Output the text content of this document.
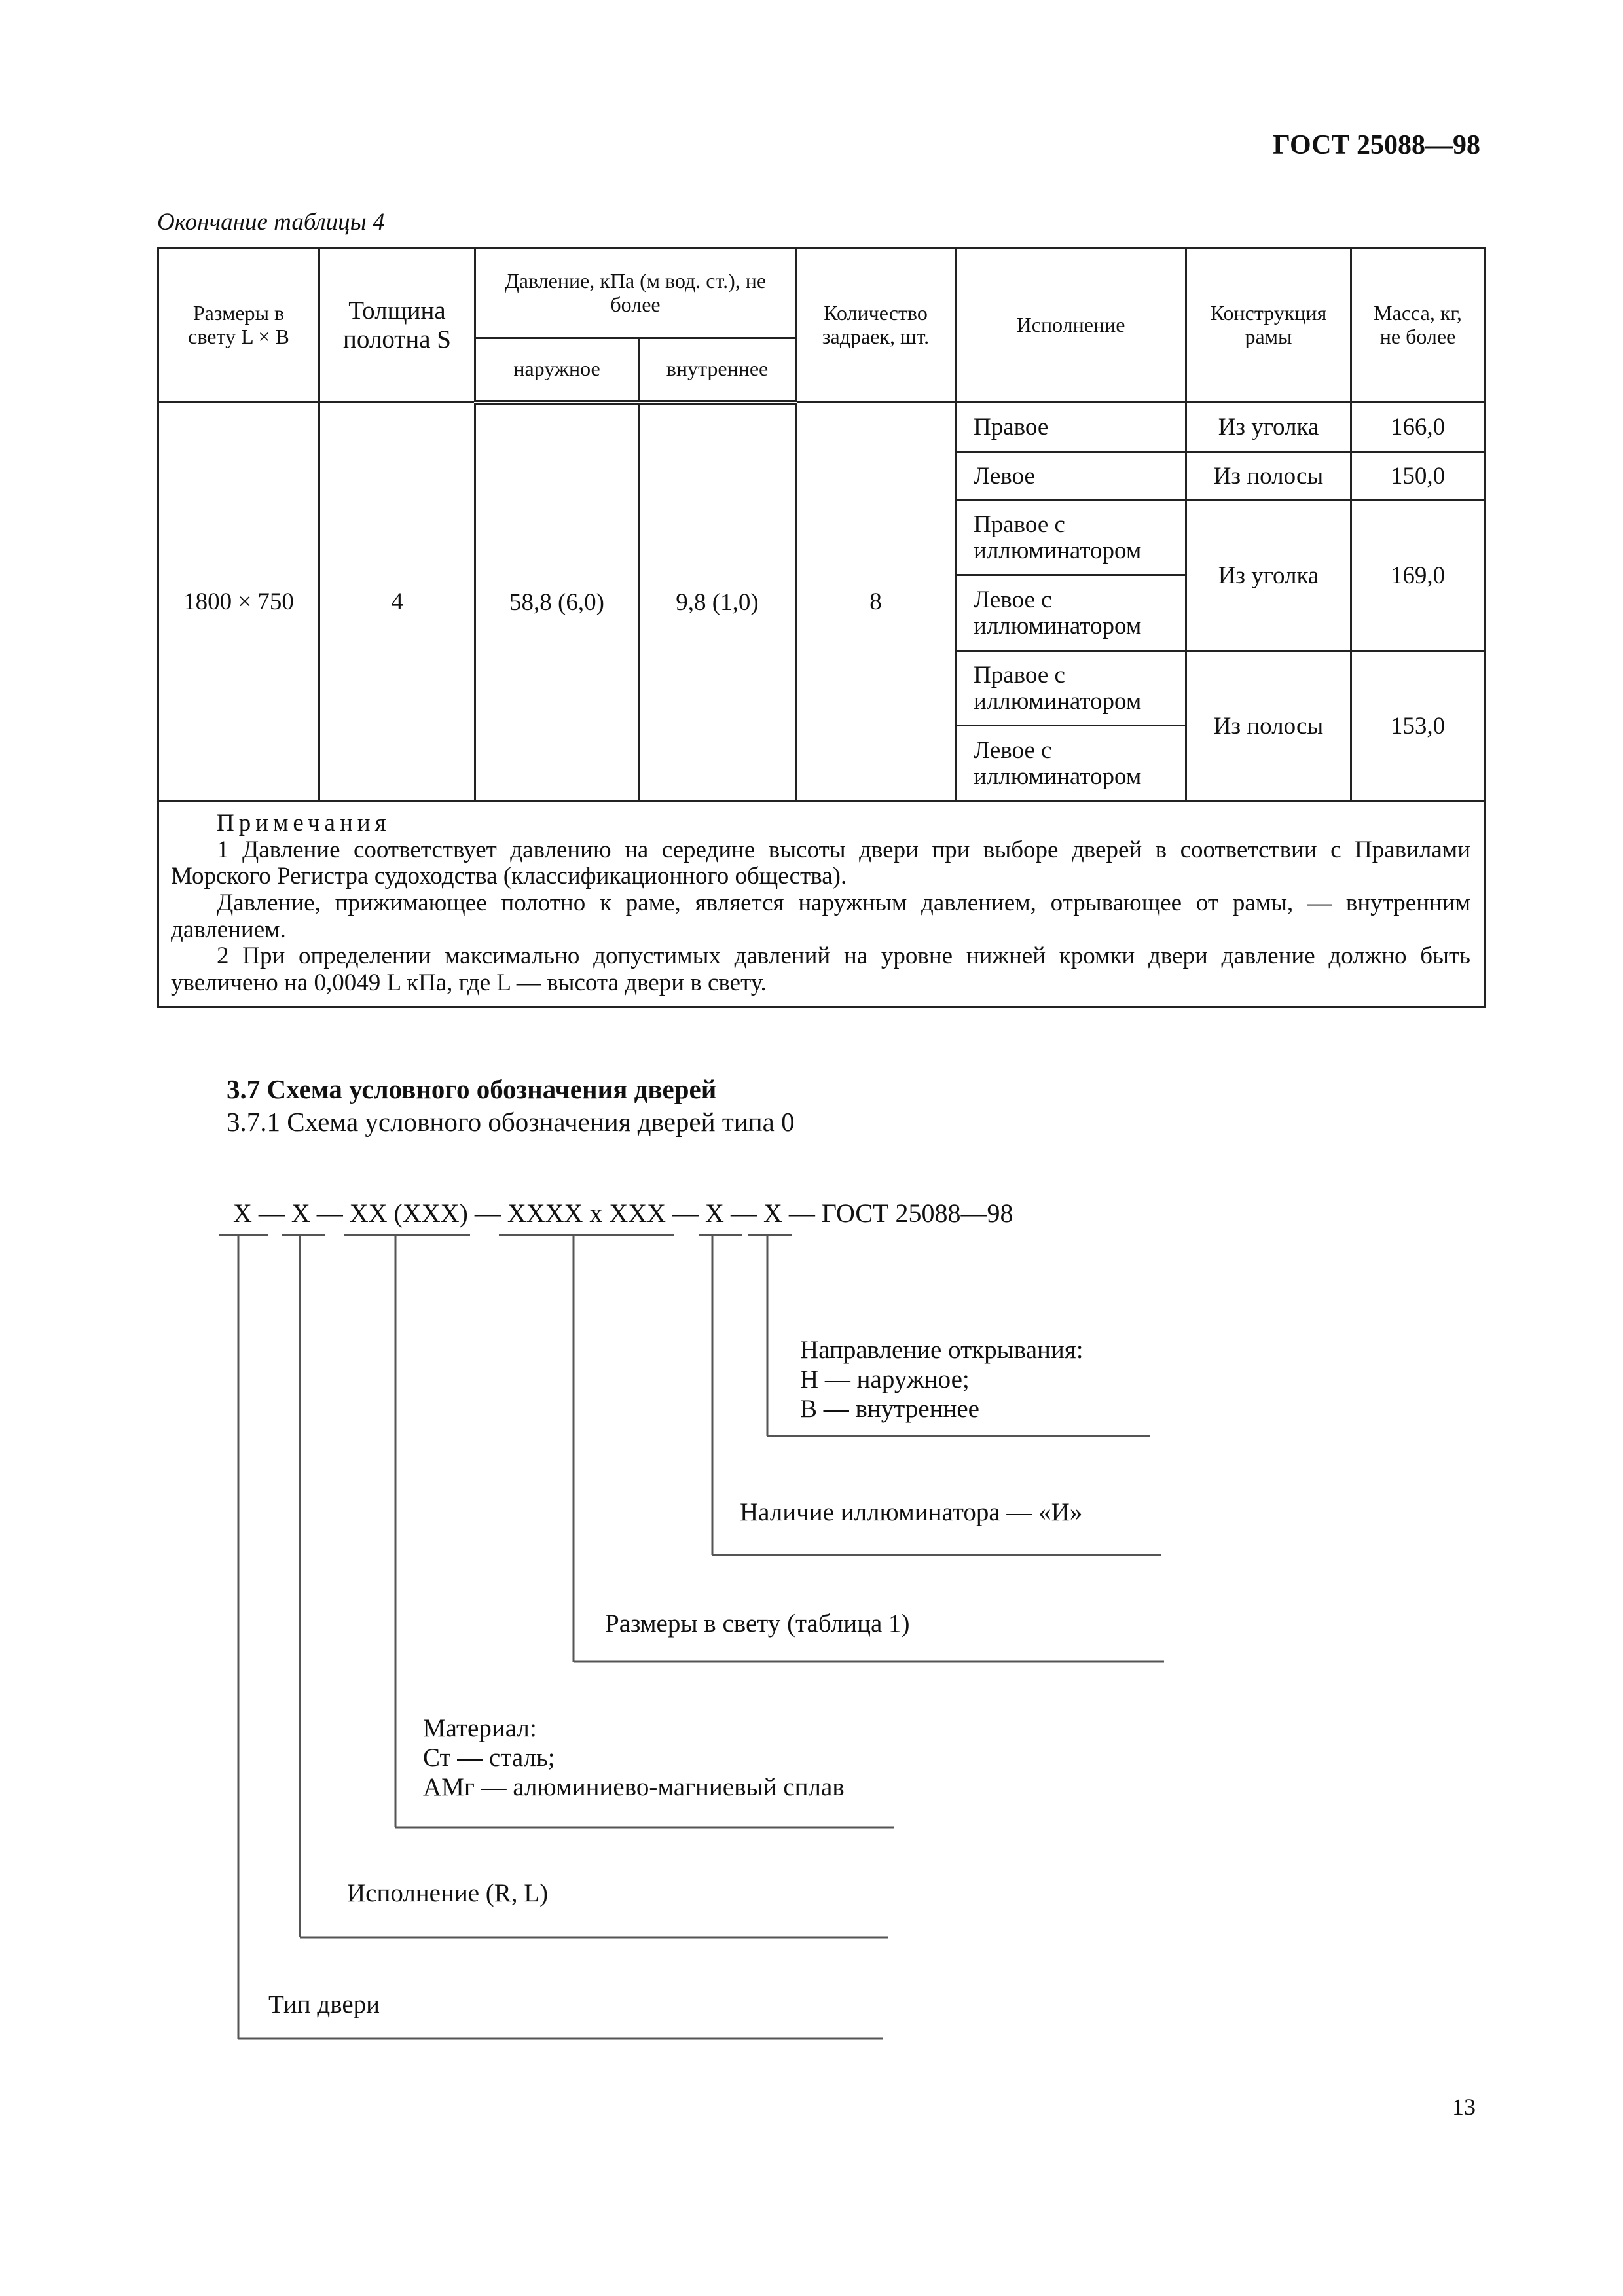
ГОСТ 25088—98
Окончание таблицы 4
Размеры в свету L × B	Толщина полотна S	Давление, кПа (м вод. ст.), не более		Количество задраек, шт.	Исполнение	Конструкция рамы	Масса, кг, не более
		наружное	внутреннее				
1800 × 750	4	58,8 (6,0)	9,8 (1,0)	8	Правое	Из уголка	166,0
					Левое	Из полосы	150,0
					Правое с иллюминатором	Из уголка	169,0
					Левое с иллюминатором		
					Правое с иллюминатором	Из полосы	153,0
					Левое с иллюминатором		

Примечания
1 Давление соответствует давлению на середине высоты двери при выборе дверей в соответствии с Правилами Морского Регистра судоходства (классификационного общества).
Давление, прижимающее полотно к раме, является наружным давлением, отрывающее от рамы, — внутренним давлением.
2 При определении максимально допустимых давлений на уровне нижней кромки двери давление должно быть увеличено на 0,0049 L кПа, где L — высота двери в свету.							
3.7 Схема условного обозначения дверей
3.7.1 Схема условного обозначения дверей типа 0
X — X — XX (XXX) — XXXX x XXX — X — X — ГОСТ 25088—98
Направление открывания:
Н — наружное;
В — внутреннее
Наличие иллюминатора — «И»
Размеры в свету (таблица 1)
Материал:
Ст — сталь;
АМг — алюминиево-магниевый сплав
Исполнение (R, L)
Тип двери
13
